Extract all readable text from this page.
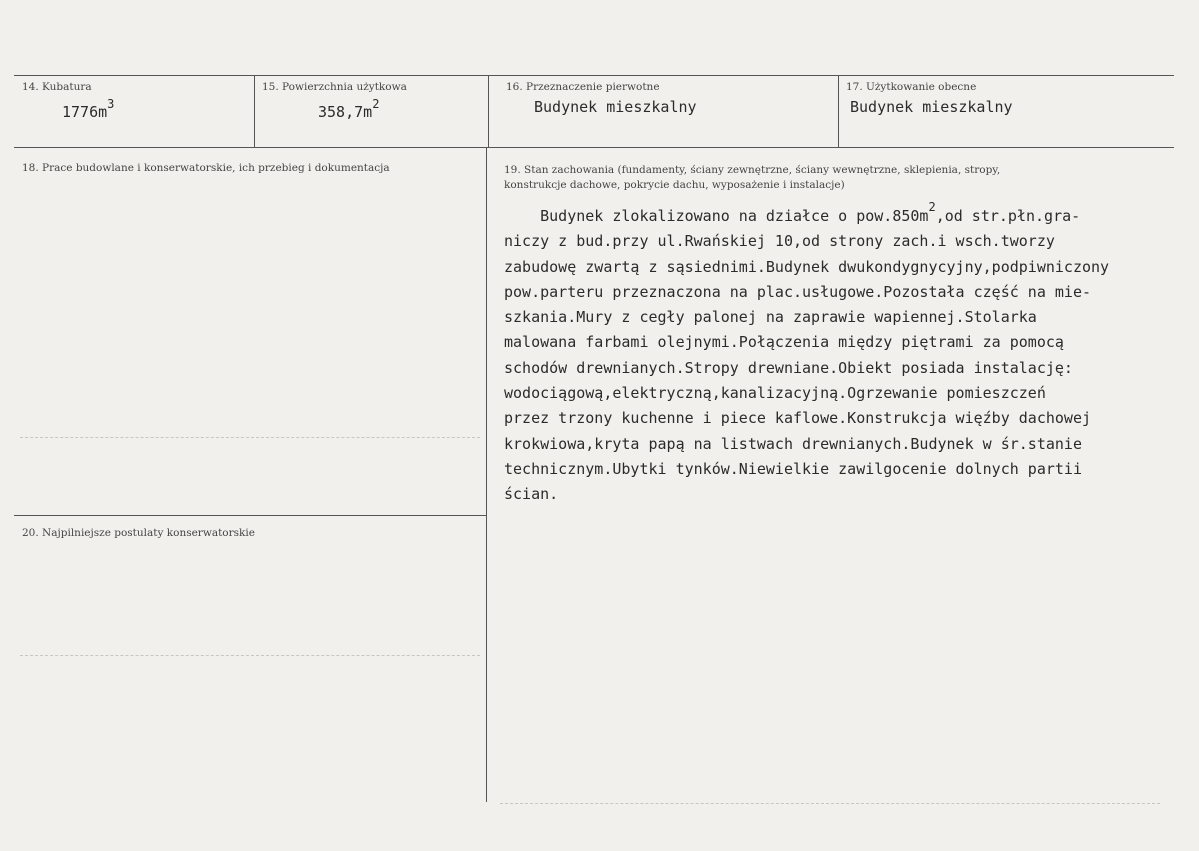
14. Kubatura
$1776m^3$
15. Powierzchnia użytkowa
$358,7m^2$
16. Przeznaczenie pierwotne
Budynek mieszkalny
17. Użytkowanie obecne
Budynek mieszkalny
18. Prace budowlane i konserwatorskie, ich przebieg i dokumentacja	19. Stan zachowania (fundamenty, ściany zewnętrzne, ściany wewnętrzne, sklepienia, stropy,
konstrukcje dachowe, pokrycie dachu, wyposażenie i instalacje)
Budynek zlokalizowano na działce o $pow.850m^2,od$ str.płn.gra-
niczy z bud.przy ul.Rwańskiej 10,od strony zach.i wsch.tworzy
zabudowę zwartą z sąsiednimi.Budynek dwukondygnycyjny,podpiwniczony
pow.parteru przeznaczona na plac.usługowe.Pozostała część na mie-
szkania.Mury z cegły palonej na zaprawie wapiennej.Stolarka
malowana farbami olejnymi.Połączenia między piętrami za pomocą
schodów drewnianych.Stropy drewniane.Obiekt posiada instalację:
wodociągową,elektryczną,kanalizacyjną.Ogrzewanie pomieszczeń
przez trzony kuchenne i piece kaflowe.Konstrukcja więźby dachowej
krokwiowa,kryta papą na listwach drewnianych.Budynek w śr.stanie
technicznym.Ubytki tynków.Niewielkie zawilgocenie dolnych partii
ścian.
20. Najpilniejsze postulaty konserwatorskie
